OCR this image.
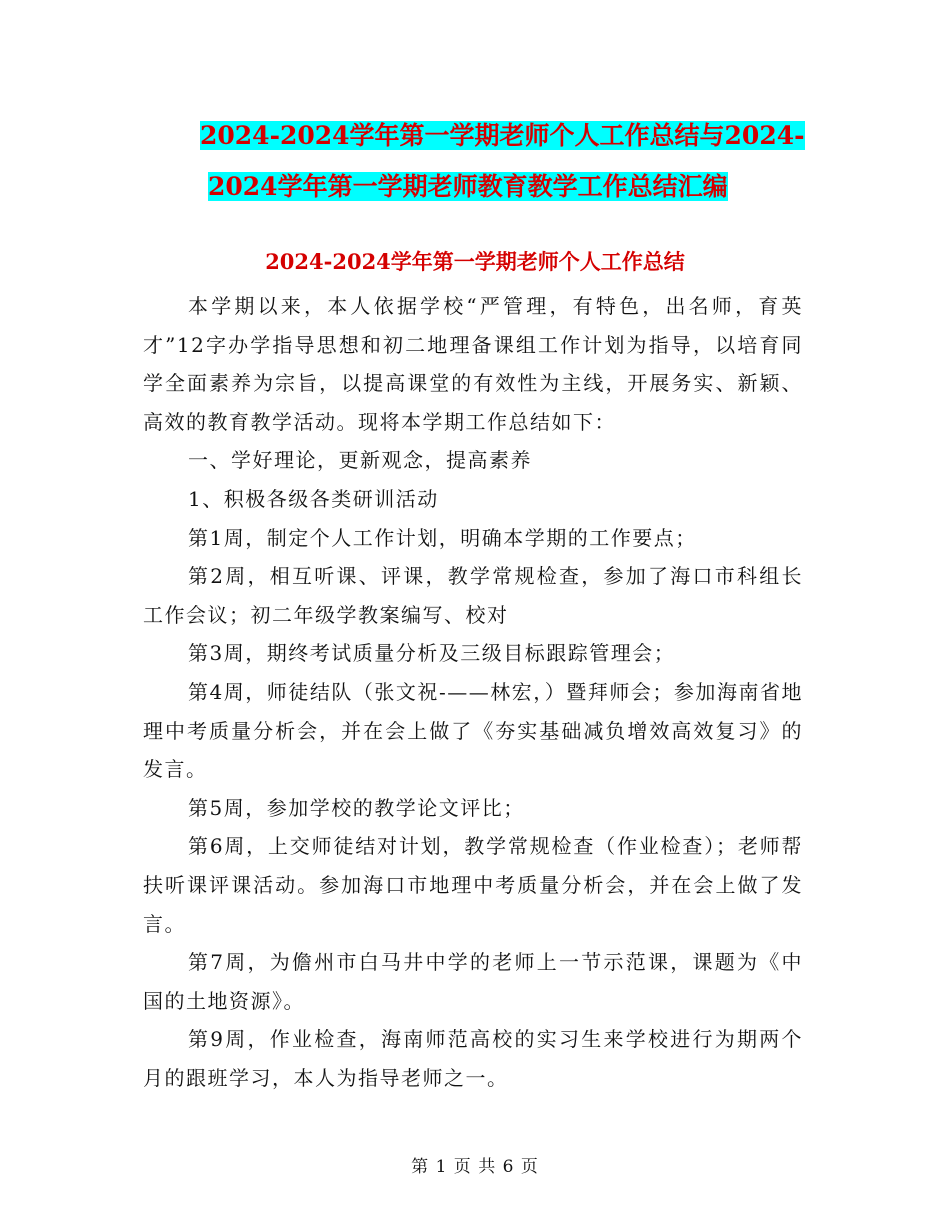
2024-2024学年第一学期老师个人工作总结与2024-
2024学年第一学期老师教育教学工作总结汇编
2024-2024学年第一学期老师个人工作总结

本学期以来，本人依据学校“严管理，有特色，出名师，育英才”12字办学指导思想和初二地理备课组工作计划为指导，以培育同学全面素养为宗旨，以提高课堂的有效性为主线，开展务实、新颖、高效的教育教学活动。现将本学期工作总结如下：

一、学好理论，更新观念，提高素养

1、积极各级各类研训活动

第1周，制定个人工作计划，明确本学期的工作要点；

第2周，相互听课、评课，教学常规检查，参加了海口市科组长工作会议；初二年级学教案编写、校对

第3周，期终考试质量分析及三级目标跟踪管理会；

第4周，师徒结队（张文祝-——林宏，）暨拜师会；参加海南省地理中考质量分析会，并在会上做了《夯实基础减负增效高效复习》的发言。

第5周，参加学校的教学论文评比；

第6周，上交师徒结对计划，教学常规检查（作业检查）；老师帮扶听课评课活动。参加海口市地理中考质量分析会，并在会上做了发言。

第7周，为儋州市白马井中学的老师上一节示范课，课题为《中国的土地资源》。

第9周，作业检查，海南师范高校的实习生来学校进行为期两个月的跟班学习，本人为指导老师之一。

第 1 页 共 6 页
